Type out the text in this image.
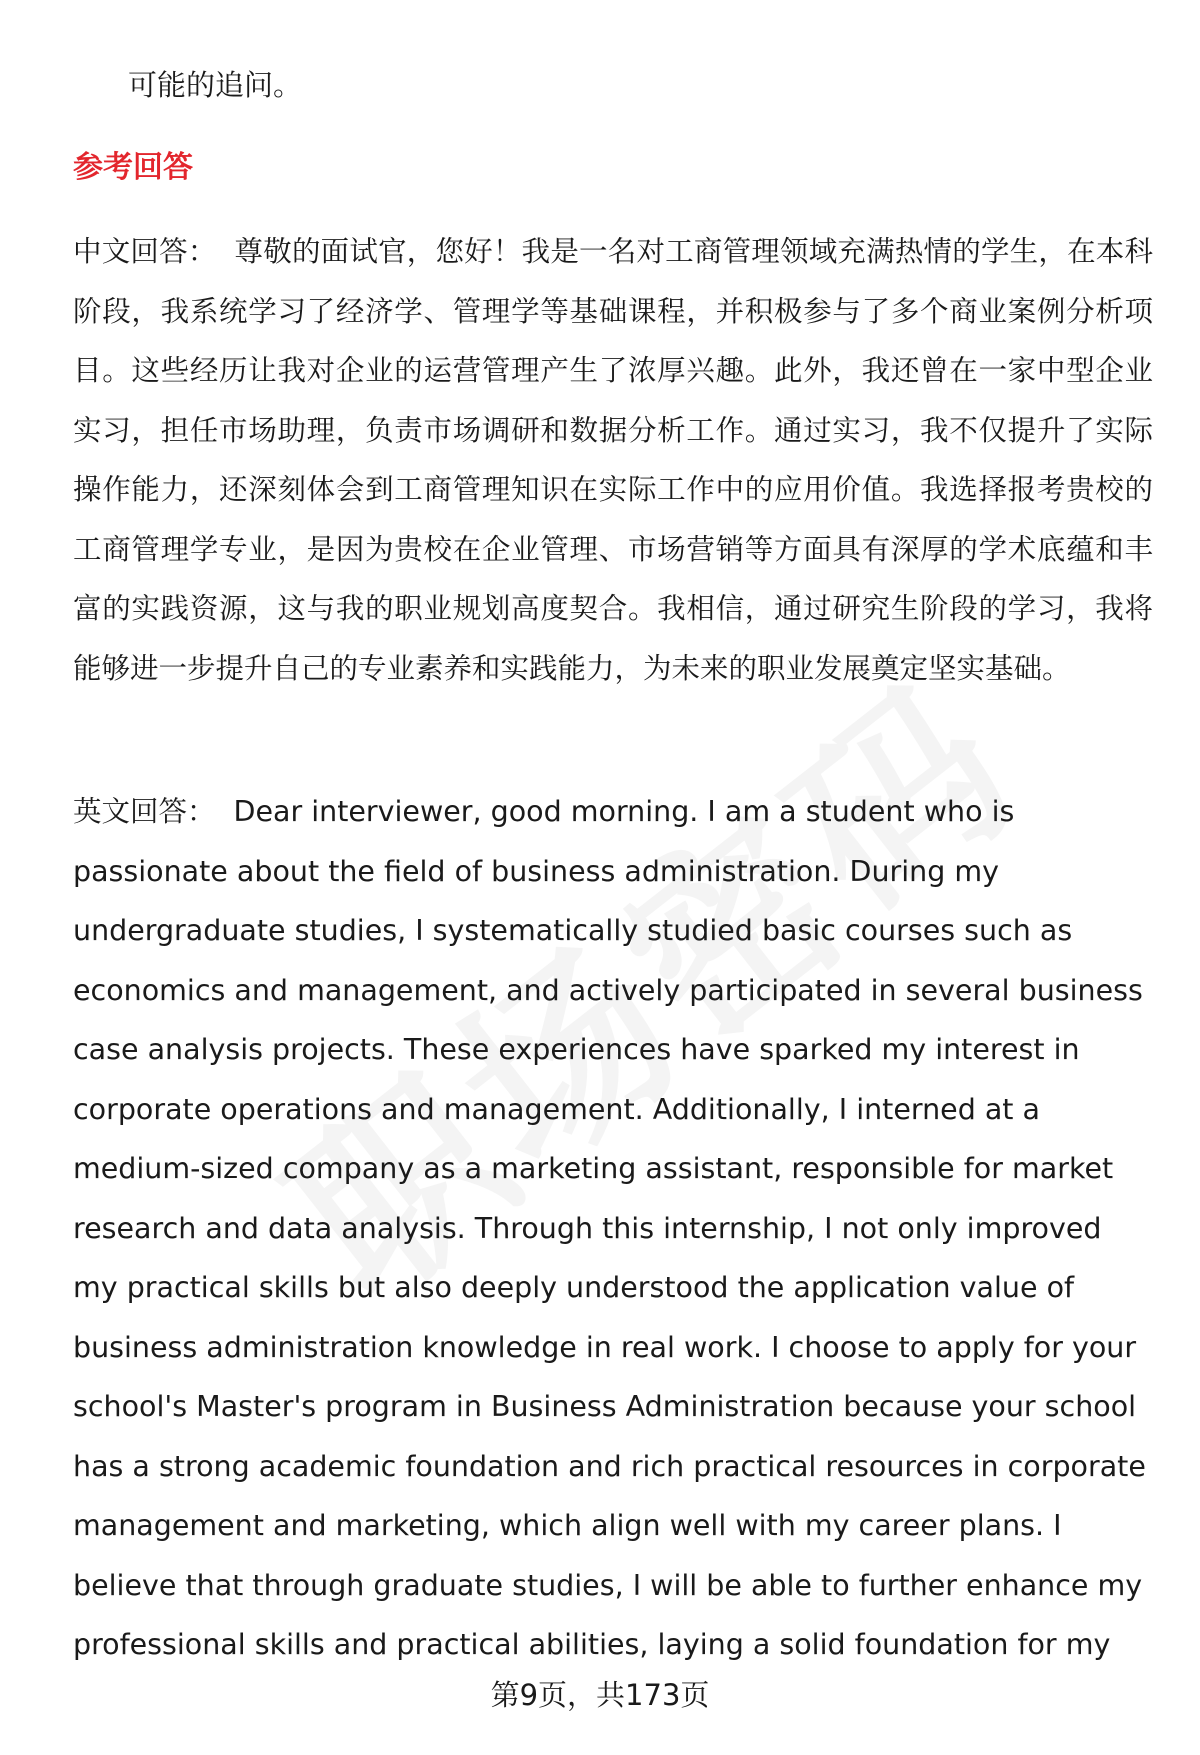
可能的追问。

参考回答

中文回答： 尊敬的面试官，您好！我是一名对工商管理领域充满热情的学生，在本科阶段，我系统学习了经济学、管理学等基础课程，并积极参与了多个商业案例分析项目。这些经历让我对企业的运营管理产生了浓厚兴趣。此外，我还曾在一家中型企业实习，担任市场助理，负责市场调研和数据分析工作。通过实习，我不仅提升了实际操作能力，还深刻体会到工商管理知识在实际工作中的应用价值。我选择报考贵校的工商管理学专业，是因为贵校在企业管理、市场营销等方面具有深厚的学术底蕴和丰富的实践资源，这与我的职业规划高度契合。我相信，通过研究生阶段的学习，我将能够进一步提升自己的专业素养和实践能力，为未来的职业发展奠定坚实基础。

英文回答： Dear interviewer, good morning. I am a student who is passionate about the field of business administration. During my undergraduate studies, I systematically studied basic courses such as economics and management, and actively participated in several business case analysis projects. These experiences have sparked my interest in corporate operations and management. Additionally, I interned at a medium-sized company as a marketing assistant, responsible for market research and data analysis. Through this internship, I not only improved my practical skills but also deeply understood the application value of business administration knowledge in real work. I choose to apply for your school's Master's program in Business Administration because your school has a strong academic foundation and rich practical resources in corporate management and marketing, which align well with my career plans. I believe that through graduate studies, I will be able to further enhance my professional skills and practical abilities, laying a solid foundation for my

第9页，共173页
